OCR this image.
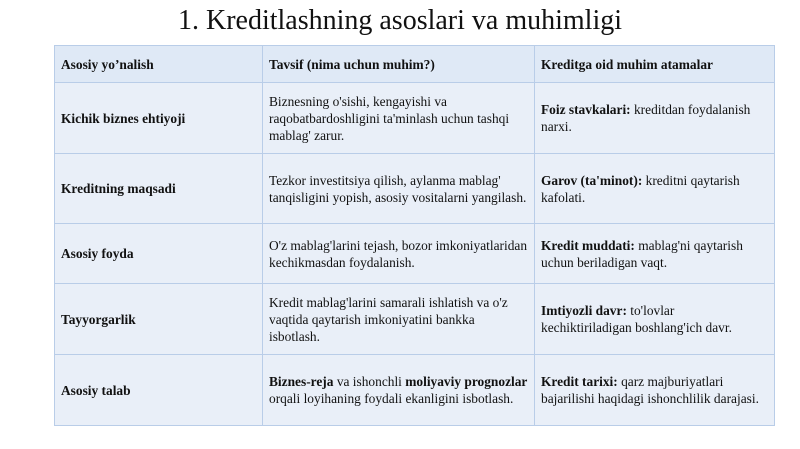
1. Kreditlashning asoslari va muhimligi
Asosiy yo’nalish	Tavsif (nima uchun muhim?)	Kreditga oid muhim atamalar
Kichik biznes ehtiyoji	Biznesning o'sishi, kengayishi va raqobatbardoshligini ta'minlash uchun tashqi mablag' zarur.	Foiz stavkalari: kreditdan foydalanish narxi.
Kreditning maqsadi	Tezkor investitsiya qilish, aylanma mablag' tanqisligini yopish, asosiy vositalarni yangilash.	Garov (ta'minot): kreditni qaytarish kafolati.
Asosiy foyda	O'z mablag'larini tejash, bozor imkoniyatlaridan kechikmasdan foydalanish.	Kredit muddati: mablag'ni qaytarish uchun beriladigan vaqt.
Tayyorgarlik	Kredit mablag'larini samarali ishlatish va o'z vaqtida qaytarish imkoniyatini bankka isbotlash.	Imtiyozli davr: to'lovlar kechiktiriladigan boshlang'ich davr.
Asosiy talab	Biznes-reja va ishonchli moliyaviy prognozlar orqali loyihaning foydali ekanligini isbotlash.	Kredit tarixi: qarz majburiyatlari bajarilishi haqidagi ishonchlilik darajasi.
